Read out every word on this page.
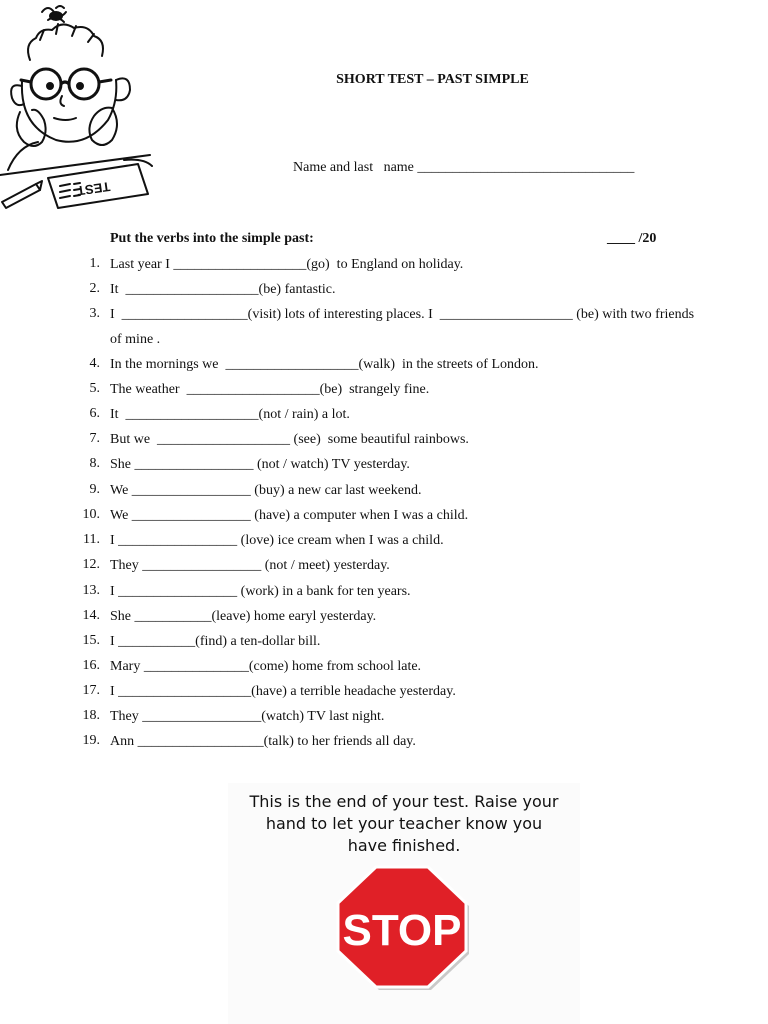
TEST
SHORT TEST – PAST SIMPLE
Name and last   name _______________________________
Put the verbs into the simple past:	____ /20
1. Last year I ___________________(go)  to England on holiday.
2. It  ___________________(be) fantastic.
3. I  __________________(visit) lots of interesting places. I  ___________________ (be) with two friends of mine .
4. In the mornings we  ___________________(walk)  in the streets of London.
5. The weather  ___________________(be)  strangely fine.
6. It  ___________________(not / rain) a lot.
7. But we  ___________________ (see)  some beautiful rainbows.
8. She _________________ (not / watch) TV yesterday.
9. We _________________ (buy) a new car last weekend.
10. We _________________ (have) a computer when I was a child.
11. I _________________ (love) ice cream when I was a child.
12. They _________________ (not / meet) yesterday.
13. I _________________ (work) in a bank for ten years.
14. She ___________(leave) home earyl yesterday.
15. I ___________(find) a ten-dollar bill.
16. Mary _______________(come) home from school late.
17. I ___________________(have) a terrible headache yesterday.
18. They _________________(watch) TV last night.
19. Ann __________________(talk) to her friends all day.
This is the end of your test. Raise your
hand to let your teacher know you
have finished.
STOP
